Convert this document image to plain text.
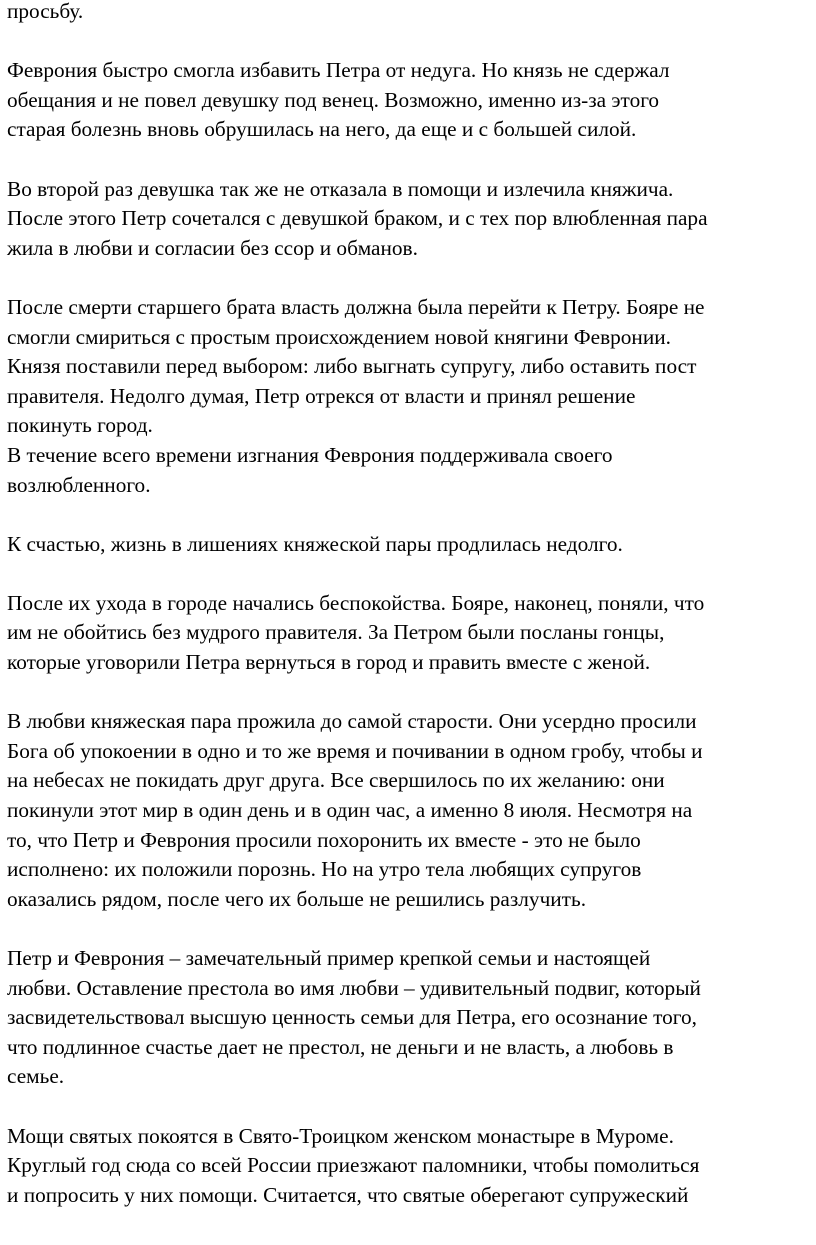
просьбу.
Феврония быстро смогла избавить Петра от недуга. Но князь не сдержал
обещания и не повел девушку под венец. Возможно, именно из-за этого
старая болезнь вновь обрушилась на него, да еще и с большей силой.
Во второй раз девушка так же не отказала в помощи и излечила княжича.
После этого Петр сочетался с девушкой браком, и с тех пор влюбленная пара
жила в любви и согласии без ссор и обманов.
После смерти старшего брата власть должна была перейти к Петру. Бояре не
смогли смириться с простым происхождением новой княгини Февронии.
Князя поставили перед выбором: либо выгнать супругу, либо оставить пост
правителя. Недолго думая, Петр отрекся от власти и принял решение
покинуть город.
В течение всего времени изгнания Феврония поддерживала своего
возлюбленного.
К счастью, жизнь в лишениях княжеской пары продлилась недолго.
После их ухода в городе начались беспокойства. Бояре, наконец, поняли, что
им не обойтись без мудрого правителя. За Петром были посланы гонцы,
которые уговорили Петра вернуться в город и править вместе с женой.
В любви княжеская пара прожила до самой старости. Они усердно просили
Бога об упокоении в одно и то же время и почивании в одном гробу, чтобы и
на небесах не покидать друг друга. Все свершилось по их желанию: они
покинули этот мир в один день и в один час, а именно 8 июля. Несмотря на
то, что Петр и Феврония просили похоронить их вместе - это не было
исполнено: их положили порознь. Но на утро тела любящих супругов
оказались рядом, после чего их больше не решились разлучить.
Петр и Феврония – замечательный пример крепкой семьи и настоящей
любви. Оставление престола во имя любви – удивительный подвиг, который
засвидетельствовал высшую ценность семьи для Петра, его осознание того,
что подлинное счастье дает не престол, не деньги и не власть, а любовь в
семье.
Мощи святых покоятся в Свято-Троицком женском монастыре в Муроме.
Круглый год сюда со всей России приезжают паломники, чтобы помолиться
и попросить у них помощи. Считается, что святые оберегают супружеский
